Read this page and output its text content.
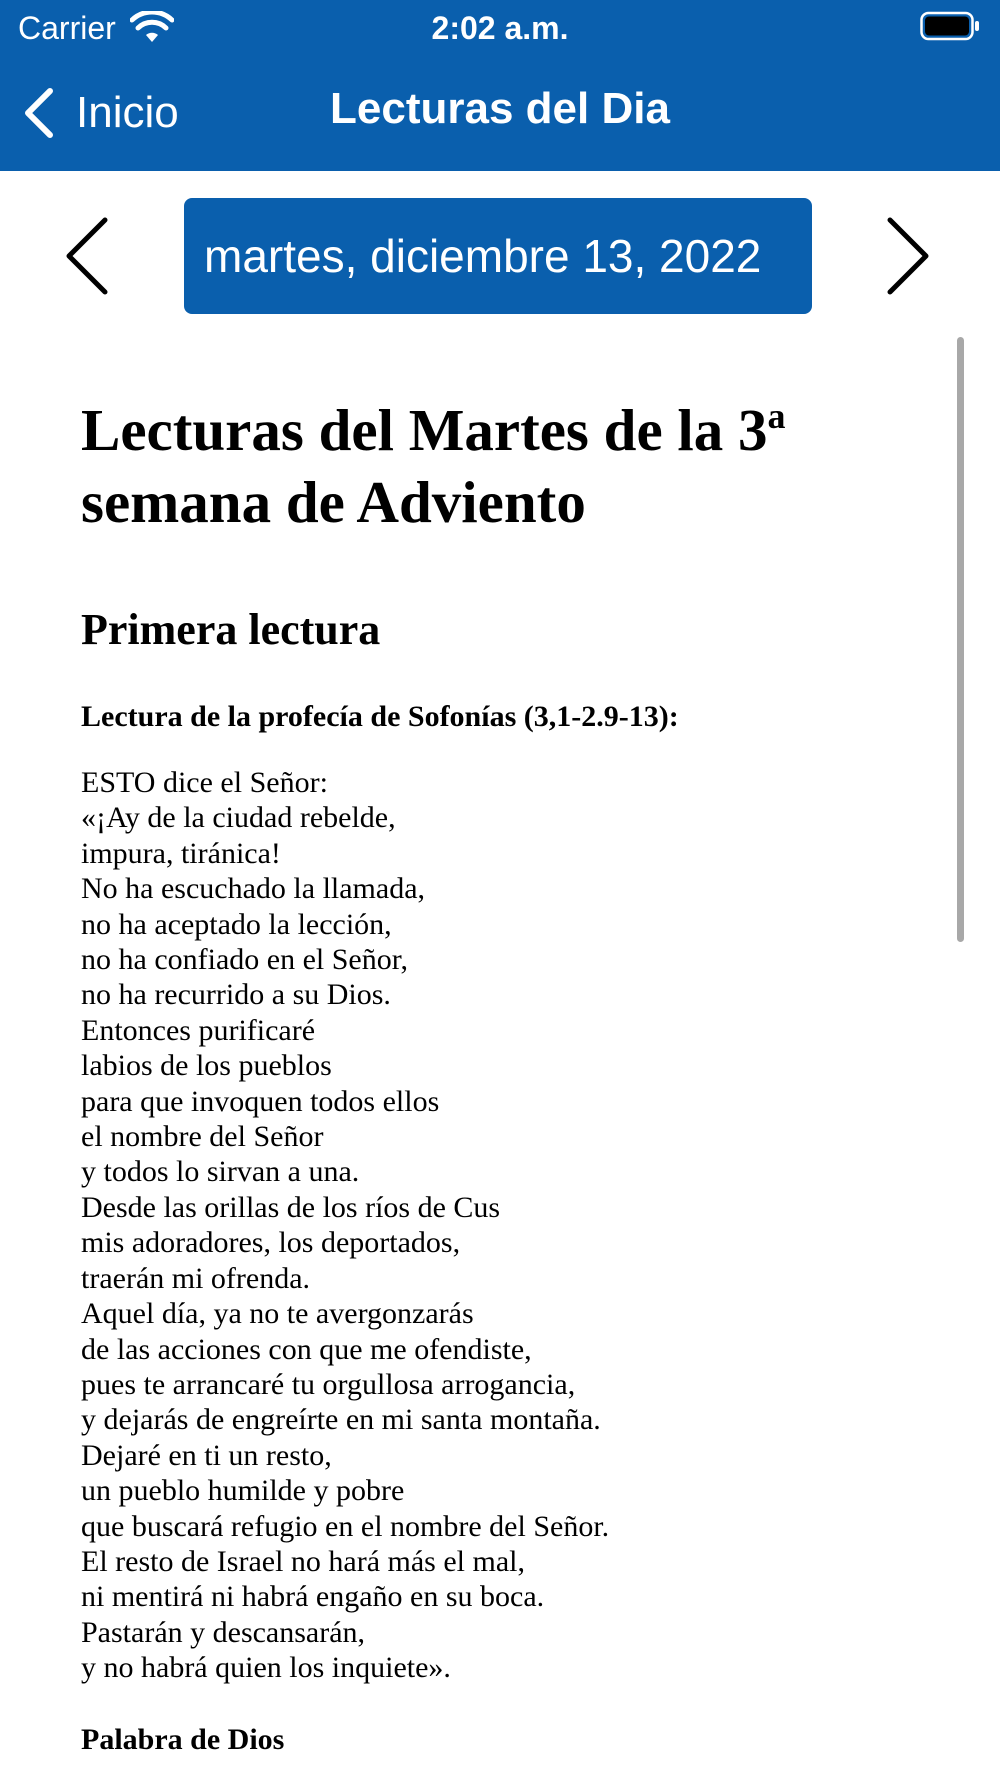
Carrier	2:02 a.m.
Inicio	Lecturas del Dia
martes, diciembre 13, 2022
Lecturas del Martes de la 3$^a$
semana de Adviento
Primera lectura
Lectura de la profecía de Sofonías (3,1-2.9-13):
ESTO dice el Señor:
«¡Ay de la ciudad rebelde,
impura, tiránica!
No ha escuchado la llamada,
no ha aceptado la lección,
no ha confiado en el Señor,
no ha recurrido a su Dios.
Entonces purificaré
labios de los pueblos
para que invoquen todos ellos
el nombre del Señor
y todos lo sirvan a una.
Desde las orillas de los ríos de Cus
mis adoradores, los deportados,
traerán mi ofrenda.
Aquel día, ya no te avergonzarás
de las acciones con que me ofendiste,
pues te arrancaré tu orgullosa arrogancia,
y dejarás de engreírte en mi santa montaña.
Dejaré en ti un resto,
un pueblo humilde y pobre
que buscará refugio en el nombre del Señor.
El resto de Israel no hará más el mal,
ni mentirá ni habrá engaño en su boca.
Pastarán y descansarán,
y no habrá quien los inquiete».
Palabra de Dios
